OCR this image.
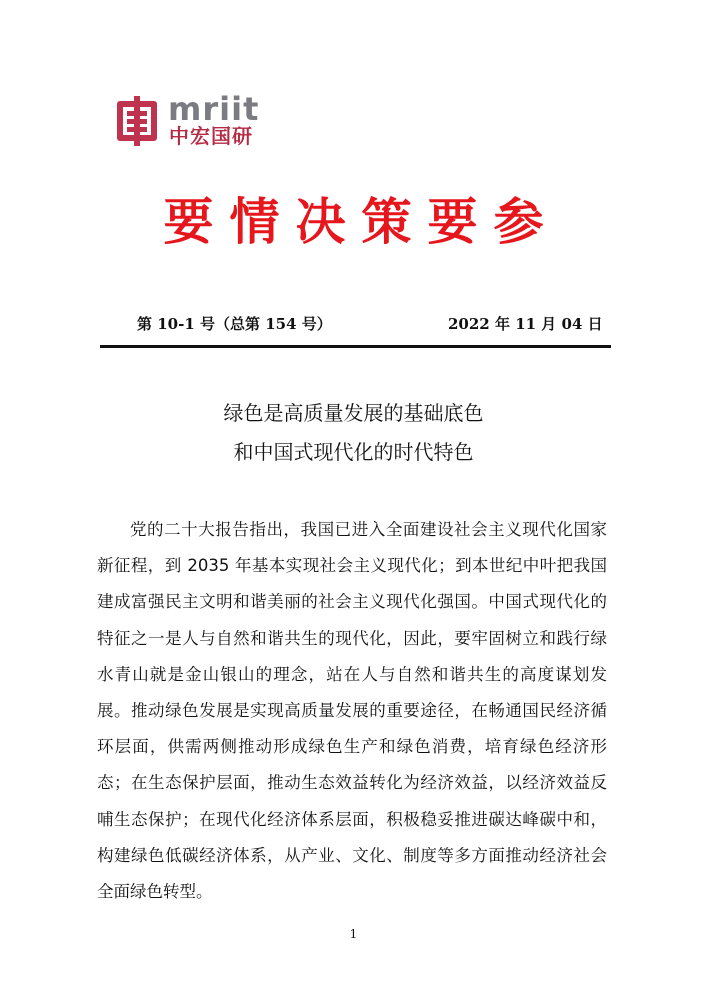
mriit
中宏国研
要情决策要参
第 10-1 号（总第 154 号）	2022 年 11 月 04 日
绿色是高质量发展的基础底色
和中国式现代化的时代特色

党的二十大报告指出，我国已进入全面建设社会主义现代化国家新征程，到 2035 年基本实现社会主义现代化；到本世纪中叶把我国建成富强民主文明和谐美丽的社会主义现代化强国。中国式现代化的特征之一是人与自然和谐共生的现代化，因此，要牢固树立和践行绿水青山就是金山银山的理念，站在人与自然和谐共生的高度谋划发展。推动绿色发展是实现高质量发展的重要途径，在畅通国民经济循环层面，供需两侧推动形成绿色生产和绿色消费，培育绿色经济形态；在生态保护层面，推动生态效益转化为经济效益，以经济效益反哺生态保护；在现代化经济体系层面，积极稳妥推进碳达峰碳中和，构建绿色低碳经济体系，从产业、文化、制度等多方面推动经济社会全面绿色转型。

1
